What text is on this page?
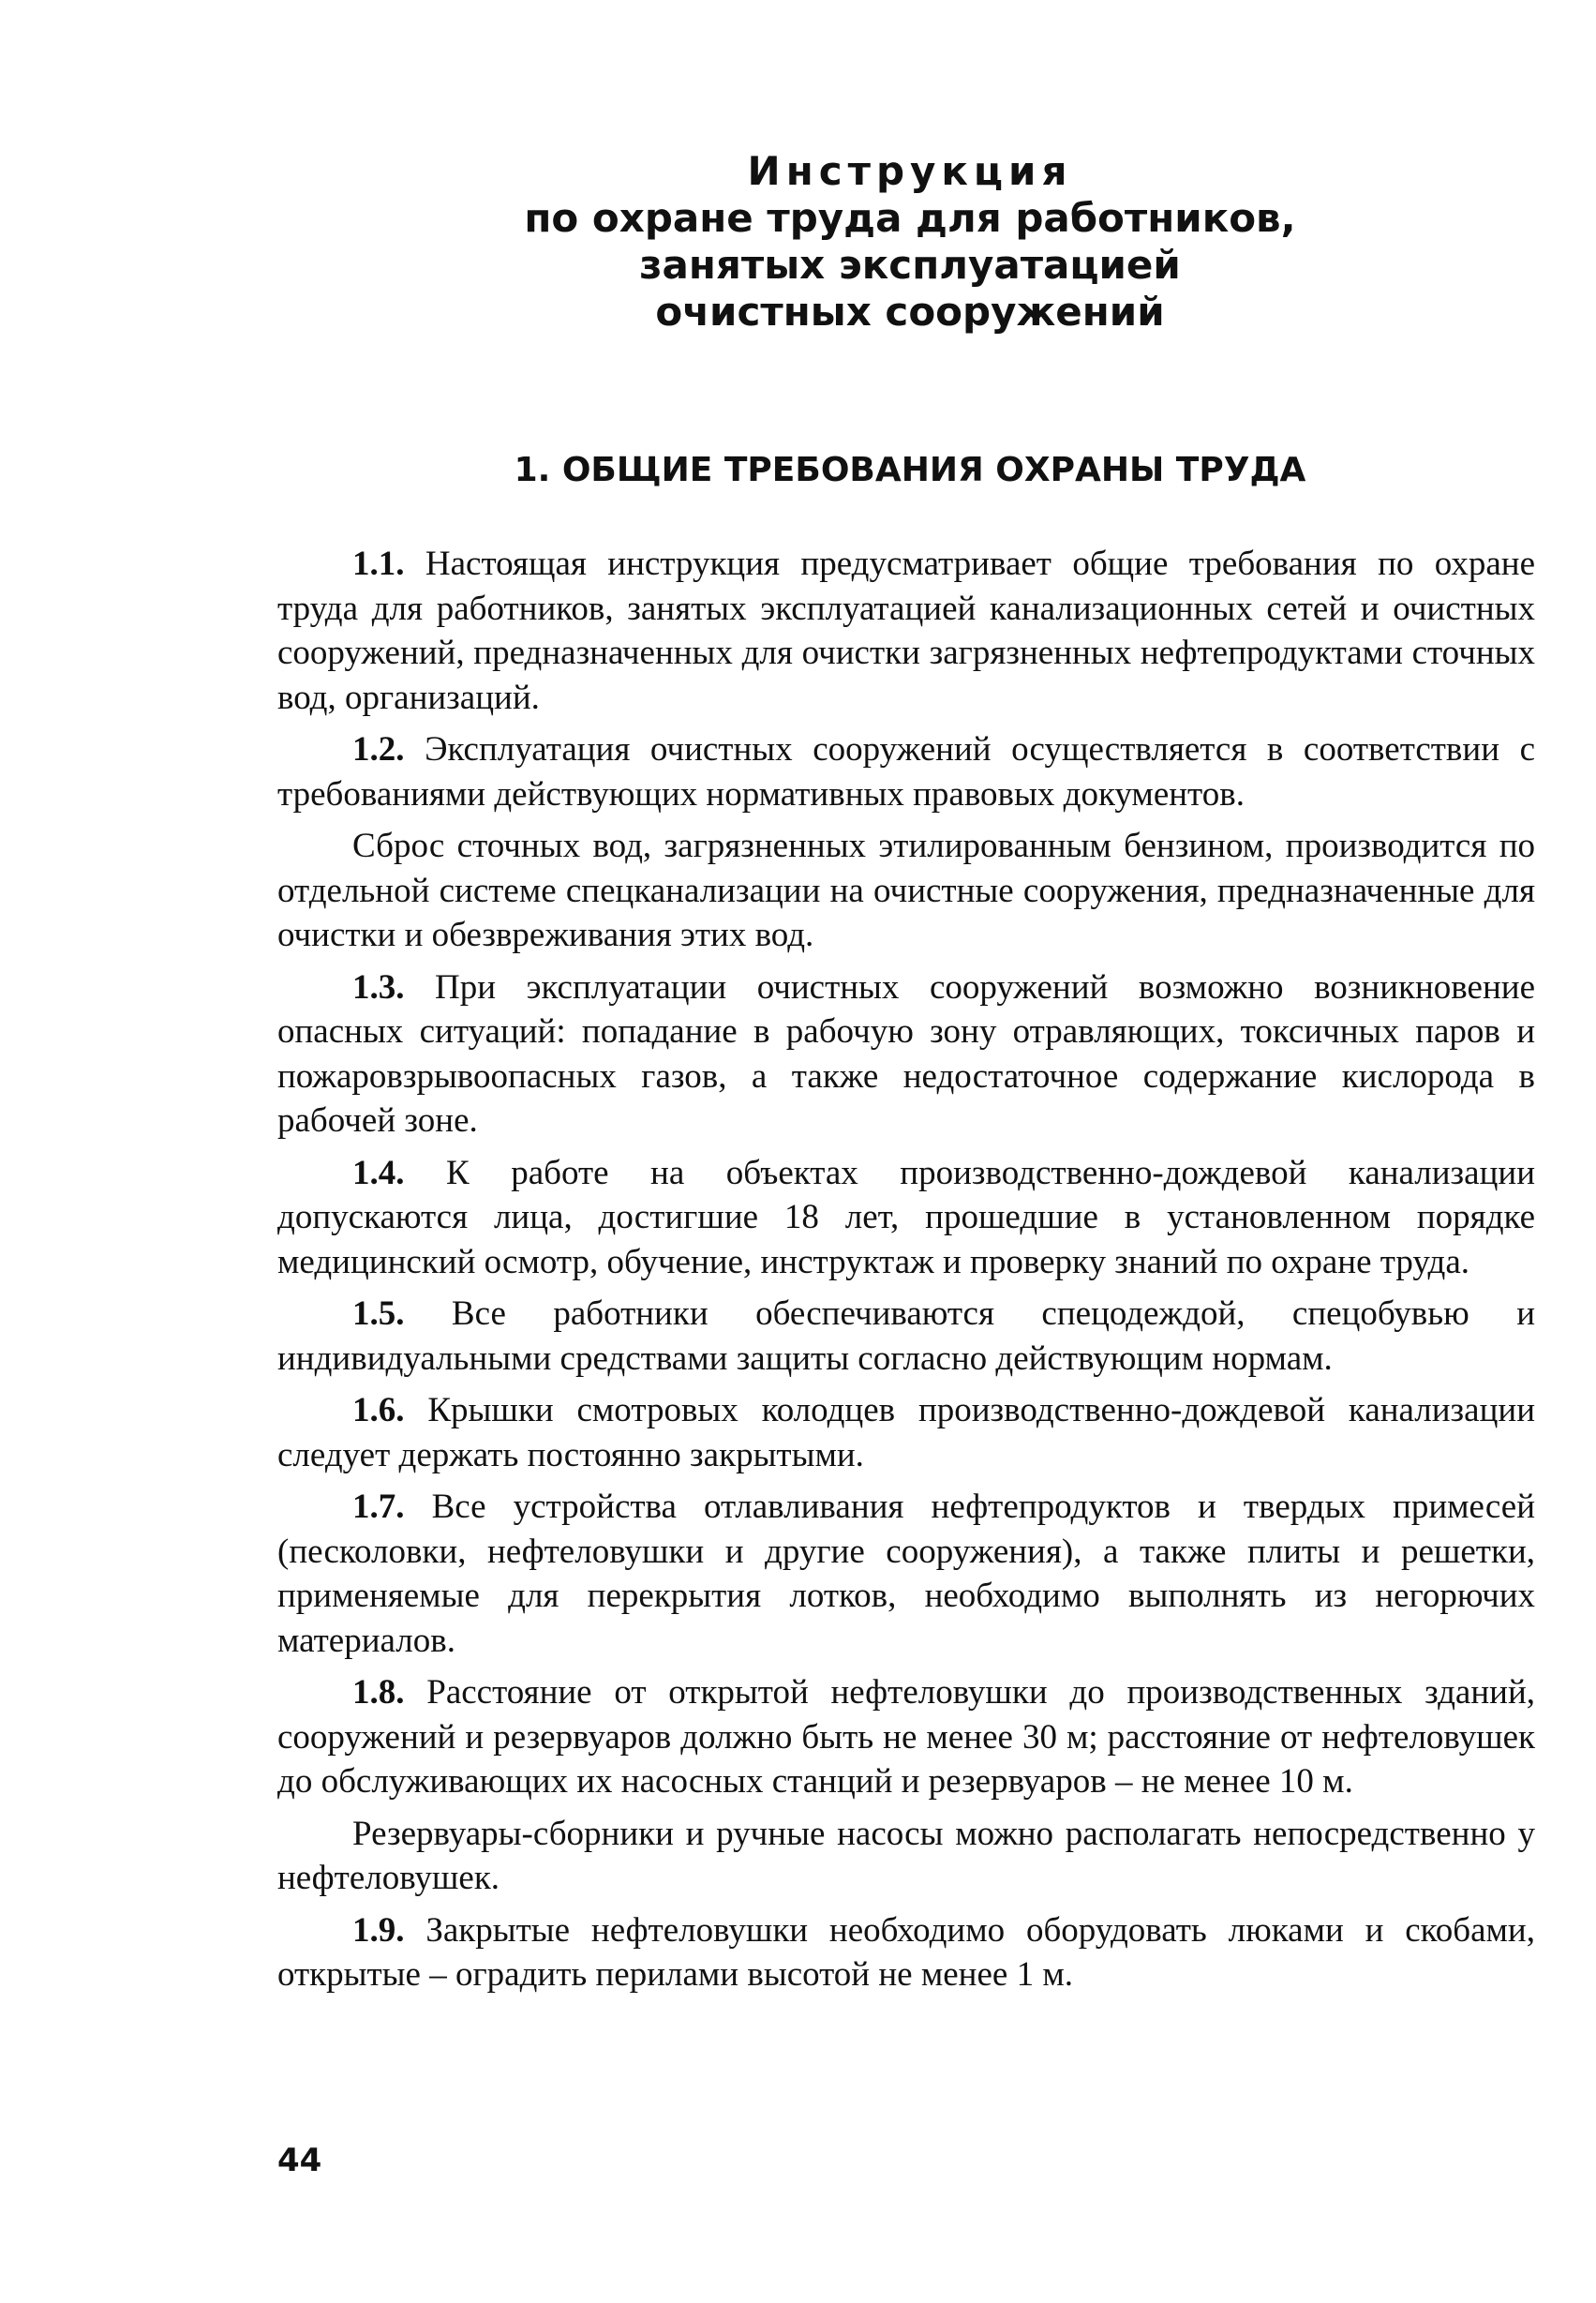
Инструкция
по охране труда для работников,
занятых эксплуатацией
очистных сооружений
1. ОБЩИЕ ТРЕБОВАНИЯ ОХРАНЫ ТРУДА

1.1. Настоящая инструкция предусматривает общие требования по охране труда для работников, занятых эксплуатацией канализационных сетей и очистных сооружений, предназначенных для очистки загрязненных нефтепродуктами сточных вод, организаций.

1.2. Эксплуатация очистных сооружений осуществляется в соответствии с требованиями действующих нормативных правовых документов.

Сброс сточных вод, загрязненных этилированным бензином, производится по отдельной системе спецканализации на очистные сооружения, предназначенные для очистки и обезвреживания этих вод.

1.3. При эксплуатации очистных сооружений возможно возникновение опасных ситуаций: попадание в рабочую зону отравляющих, токсичных паров и пожаровзрывоопасных газов, а также недостаточное содержание кислорода в рабочей зоне.

1.4. К работе на объектах производственно-дождевой канализации допускаются лица, достигшие 18 лет, прошедшие в установленном порядке медицинский осмотр, обучение, инструктаж и проверку знаний по охране труда.

1.5. Все работники обеспечиваются спецодеждой, спецобувью и индивидуальными средствами защиты согласно действующим нормам.

1.6. Крышки смотровых колодцев производственно-дождевой канализации следует держать постоянно закрытыми.

1.7. Все устройства отлавливания нефтепродуктов и твердых примесей (песколовки, нефтеловушки и другие сооружения), а также плиты и решетки, применяемые для перекрытия лотков, необходимо выполнять из негорючих материалов.

1.8. Расстояние от открытой нефтеловушки до производственных зданий, сооружений и резервуаров должно быть не менее 30 м; расстояние от нефтеловушек до обслуживающих их насосных станций и резервуаров – не менее 10 м.

Резервуары-сборники и ручные насосы можно располагать непосредственно у нефтеловушек.

1.9. Закрытые нефтеловушки необходимо оборудовать люками и скобами, открытые – оградить перилами высотой не менее 1 м.

44
